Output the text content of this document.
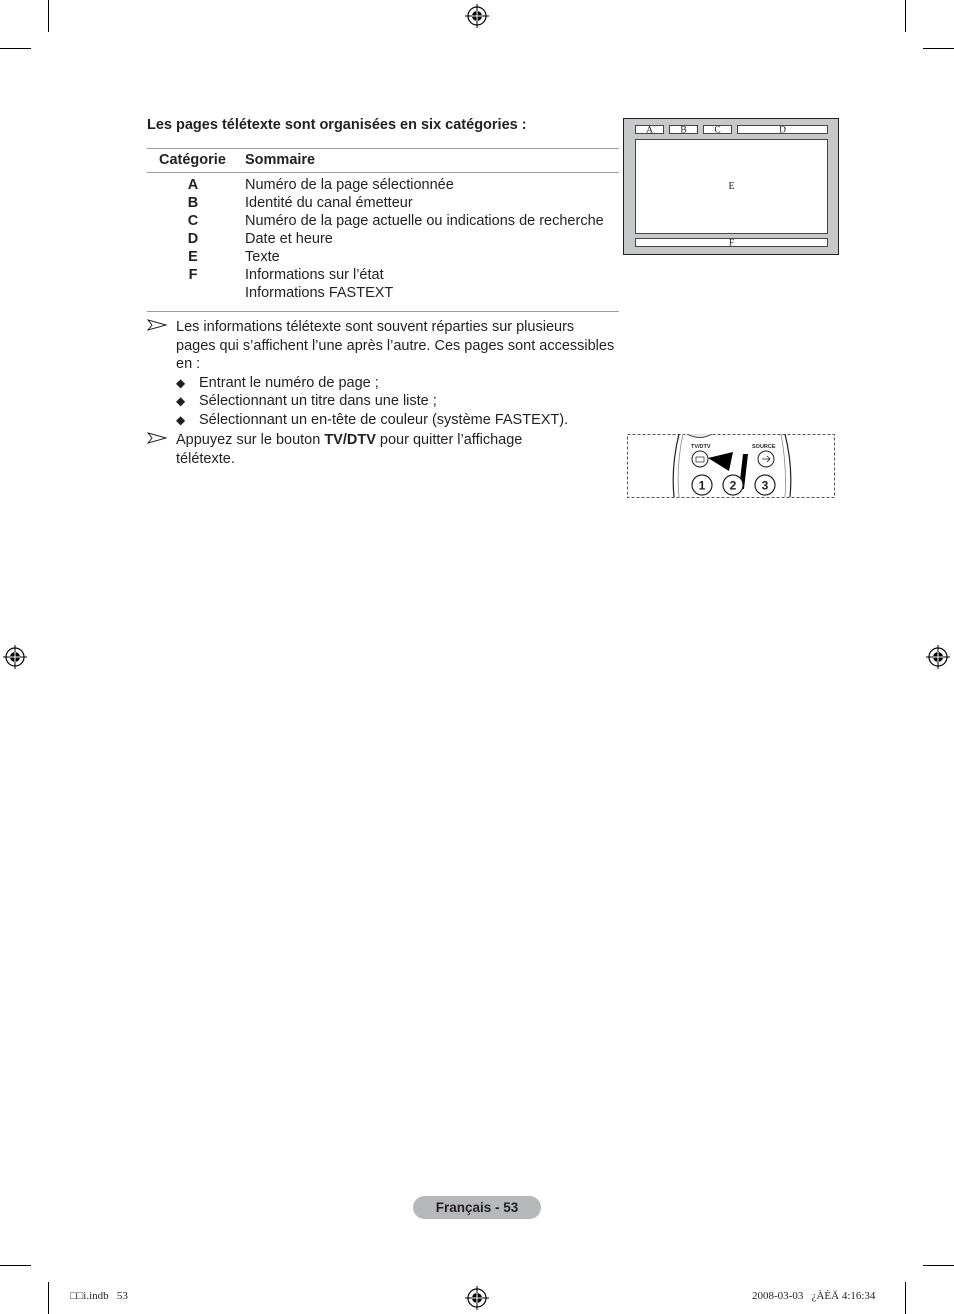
Les pages télétexte sont organisées en six catégories :
Catégorie Sommaire
A	Numéro de la page sélectionnée
B	Identité du canal émetteur
C	Numéro de la page actuelle ou indications de recherche
D	Date et heure
E	Texte
F	Informations sur l’état
Informations FASTEXT
Les informations télétexte sont souvent réparties sur plusieurs pages qui s’affichent l’une après l’autre. Ces pages sont accessibles en :
◆ Entrant le numéro de page ;
◆ Sélectionnant un titre dans une liste ;
◆ Sélectionnant un en-tête de couleur (système FASTEXT).
Appuyez sur le bouton TV/DTV pour quitter l’affichage télétexte.
A	B	C	D
E
F
TV/DTV	SOURCE
1 2 3
Français - 53
□□i.indb   53	2008-03-03   ¿ÀÈÄ 4:16:34
